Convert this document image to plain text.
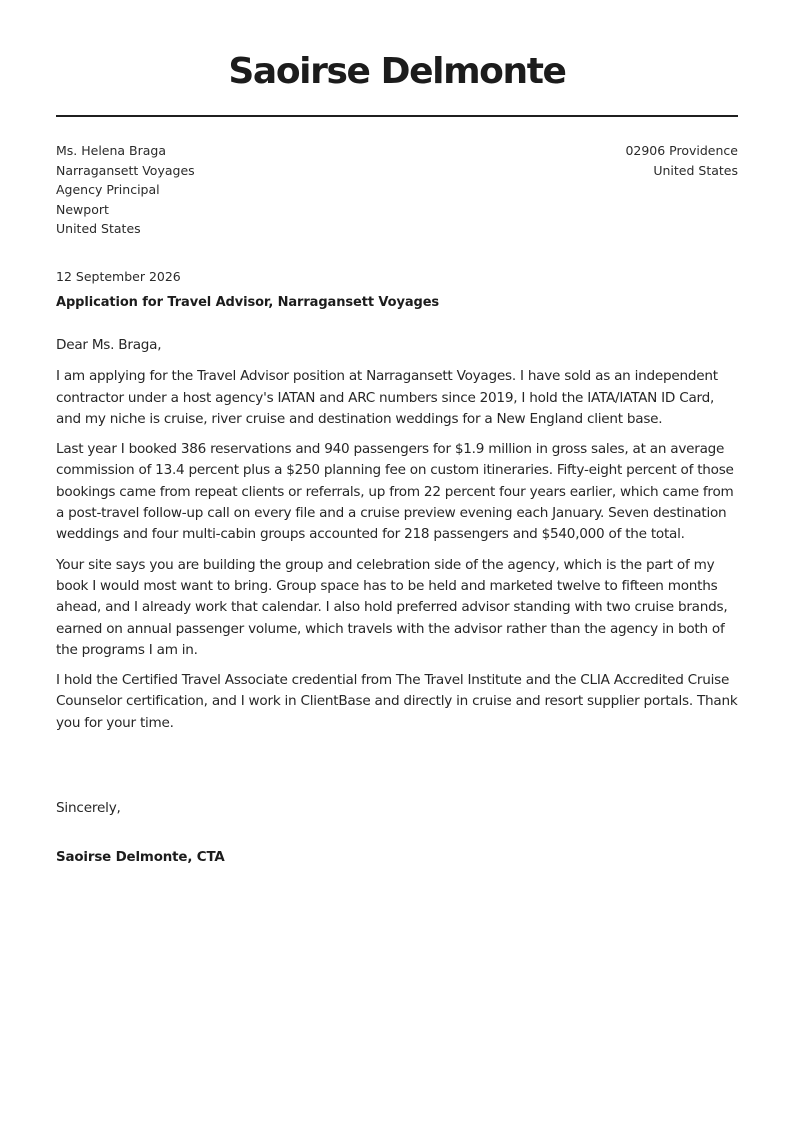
Saoirse Delmonte
Ms. Helena Braga
Narragansett Voyages
Agency Principal
Newport
United States
02906 Providence
United States
12 September 2026
Application for Travel Advisor, Narragansett Voyages

Dear Ms. Braga,

I am applying for the Travel Advisor position at Narragansett Voyages. I have sold as an independent contractor under a host agency's IATAN and ARC numbers since 2019, I hold the IATA/IATAN ID Card, and my niche is cruise, river cruise and destination weddings for a New England client base.

Last year I booked 386 reservations and 940 passengers for $1.9 million in gross sales, at an average commission of 13.4 percent plus a $250 planning fee on custom itineraries. Fifty-eight percent of those bookings came from repeat clients or referrals, up from 22 percent four years earlier, which came from a post-travel follow-up call on every file and a cruise preview evening each January. Seven destination weddings and four multi-cabin groups accounted for 218 passengers and $540,000 of the total.

Your site says you are building the group and celebration side of the agency, which is the part of my book I would most want to bring. Group space has to be held and marketed twelve to fifteen months ahead, and I already work that calendar. I also hold preferred advisor standing with two cruise brands, earned on annual passenger volume, which travels with the advisor rather than the agency in both of the programs I am in.

I hold the Certified Travel Associate credential from The Travel Institute and the CLIA Accredited Cruise Counselor certification, and I work in ClientBase and directly in cruise and resort supplier portals. Thank you for your time.

Sincerely,
Saoirse Delmonte, CTA
